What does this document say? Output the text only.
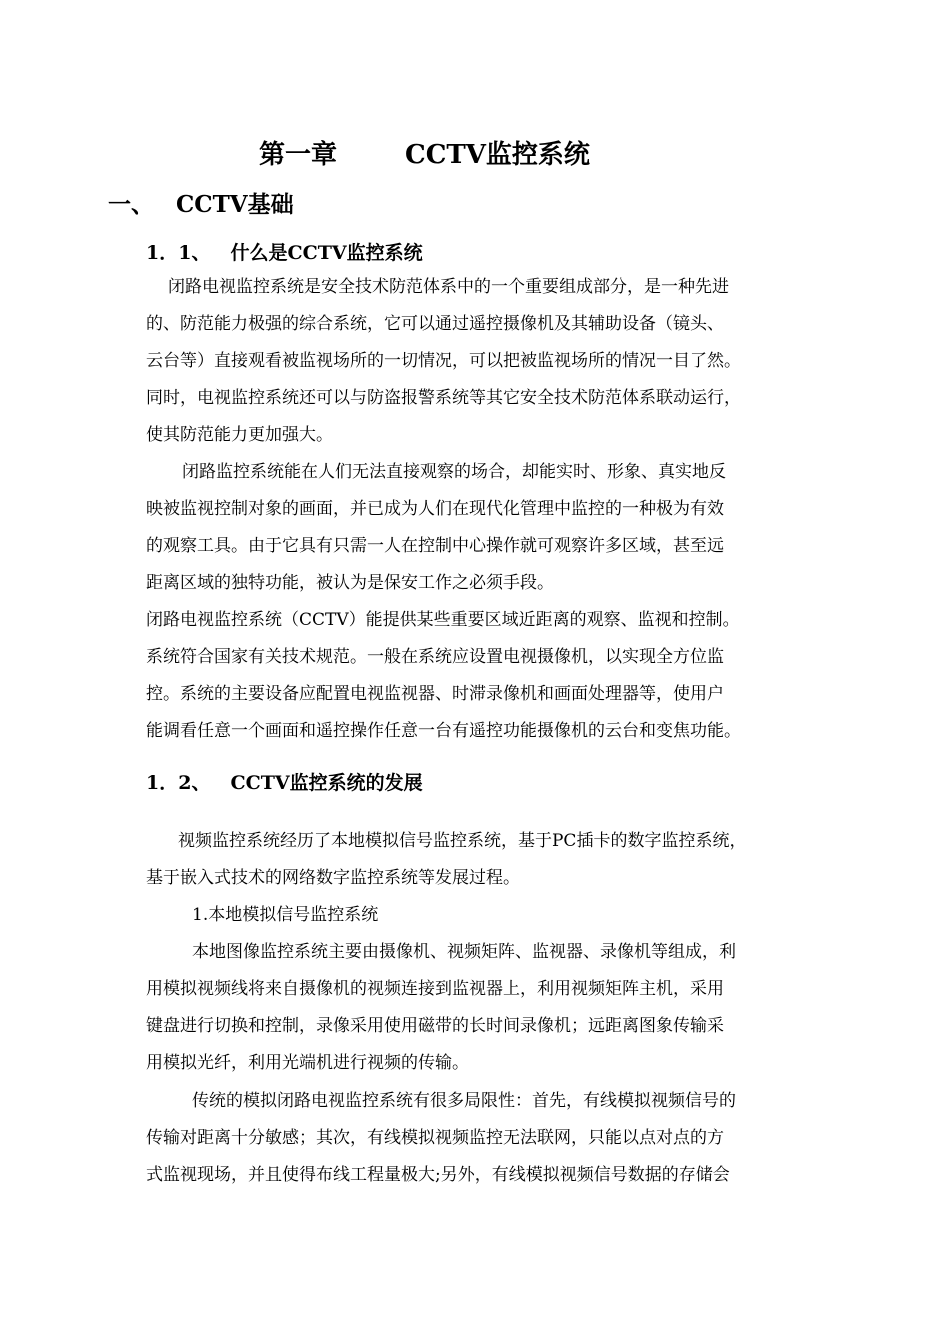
第一章	CCTV监控系统
一、 CCTV基础
1．1、 什么是CCTV监控系统
闭路电视监控系统是安全技术防范体系中的一个重要组成部分，是一种先进
的、防范能力极强的综合系统，它可以通过遥控摄像机及其辅助设备（镜头、
云台等）直接观看被监视场所的一切情况，可以把被监视场所的情况一目了然。
同时，电视监控系统还可以与防盗报警系统等其它安全技术防范体系联动运行，
使其防范能力更加强大。
闭路监控系统能在人们无法直接观察的场合，却能实时、形象、真实地反
映被监视控制对象的画面，并已成为人们在现代化管理中监控的一种极为有效
的观察工具。由于它具有只需一人在控制中心操作就可观察许多区域，甚至远
距离区域的独特功能，被认为是保安工作之必须手段。
闭路电视监控系统（CCTV）能提供某些重要区域近距离的观察、监视和控制。
系统符合国家有关技术规范。一般在系统应设置电视摄像机，以实现全方位监
控。系统的主要设备应配置电视监视器、时滞录像机和画面处理器等，使用户
能调看任意一个画面和遥控操作任意一台有遥控功能摄像机的云台和变焦功能。
1．2、 CCTV监控系统的发展
视频监控系统经历了本地模拟信号监控系统，基于PC插卡的数字监控系统，
基于嵌入式技术的网络数字监控系统等发展过程。
1.本地模拟信号监控系统
本地图像监控系统主要由摄像机、视频矩阵、监视器、录像机等组成，利
用模拟视频线将来自摄像机的视频连接到监视器上，利用视频矩阵主机，采用
键盘进行切换和控制，录像采用使用磁带的长时间录像机；远距离图象传输采
用模拟光纤，利用光端机进行视频的传输。
传统的模拟闭路电视监控系统有很多局限性：首先，有线模拟视频信号的
传输对距离十分敏感；其次，有线模拟视频监控无法联网，只能以点对点的方
式监视现场，并且使得布线工程量极大;另外，有线模拟视频信号数据的存储会
